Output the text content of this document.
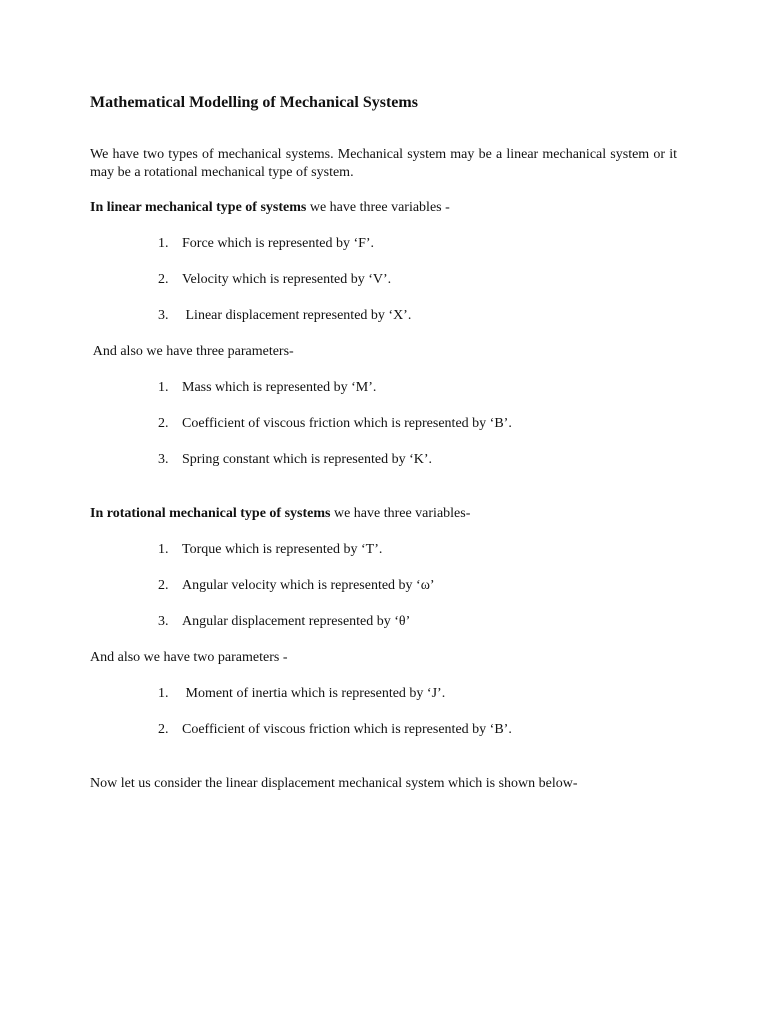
Mathematical Modelling of Mechanical Systems
We have two types of mechanical systems. Mechanical system may be a linear mechanical system or it may be a rotational mechanical type of system.
In linear mechanical type of systems we have three variables -
1. Force which is represented by ‘F’.
2. Velocity which is represented by ‘V’.
3. Linear displacement represented by ‘X’.
And also we have three parameters-
1. Mass which is represented by ‘M’.
2. Coefficient of viscous friction which is represented by ‘B’.
3. Spring constant which is represented by ‘K’.
In rotational mechanical type of systems we have three variables-
1. Torque which is represented by ‘T’.
2. Angular velocity which is represented by ‘ω’
3. Angular displacement represented by ‘θ’
And also we have two parameters -
1. Moment of inertia which is represented by ‘J’.
2. Coefficient of viscous friction which is represented by ‘B’.
Now let us consider the linear displacement mechanical system which is shown below-
